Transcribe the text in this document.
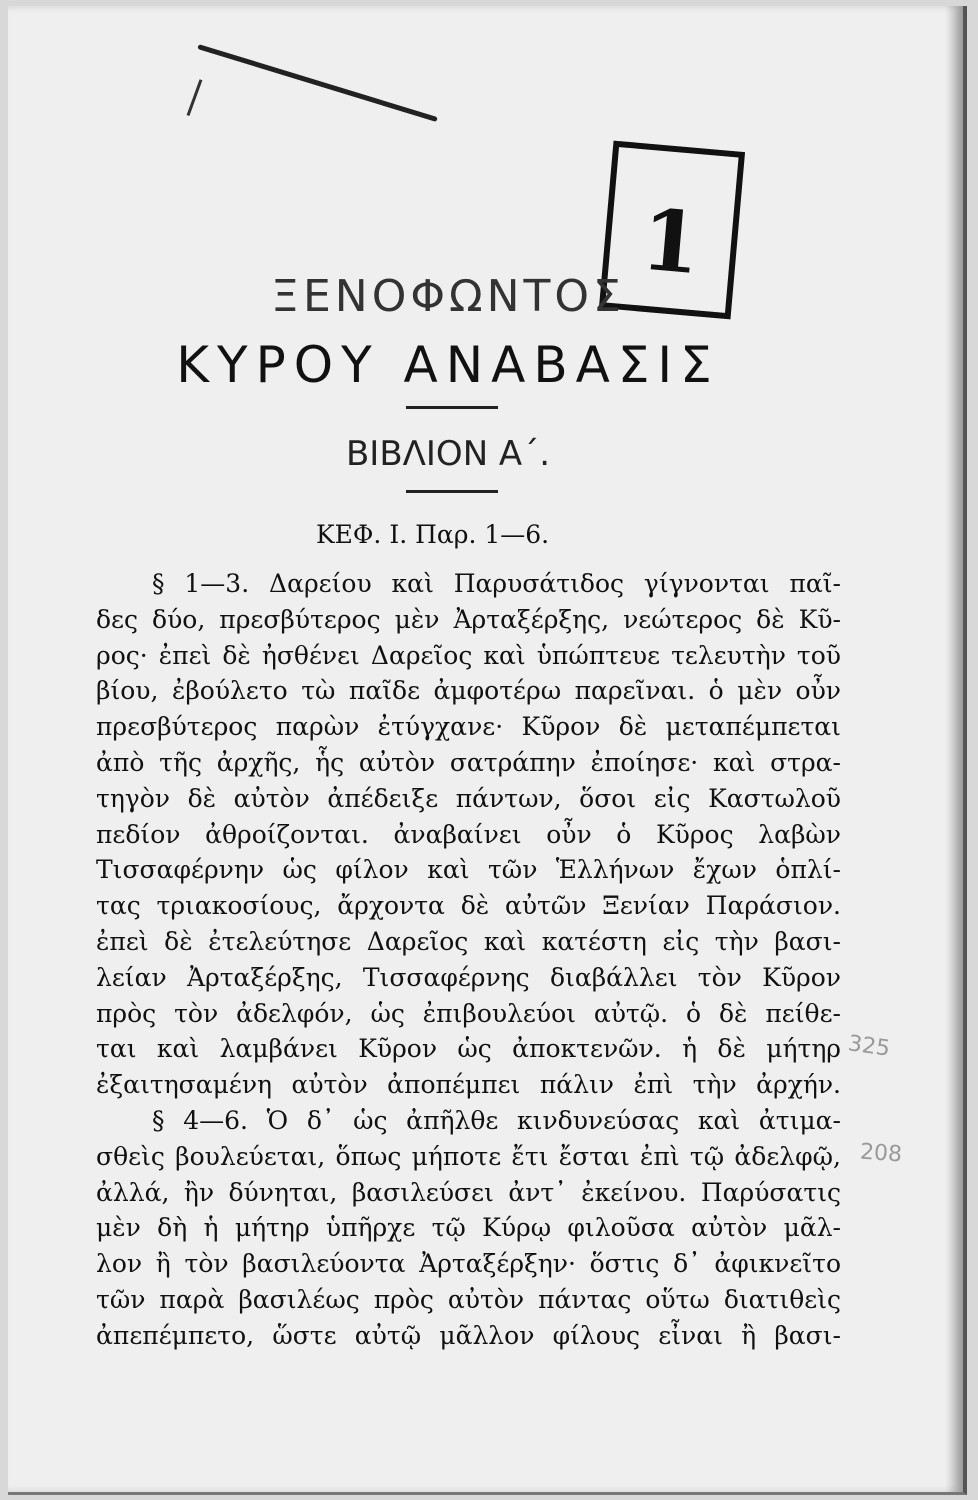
1
ΞΕΝΟΦΩΝΤΟΣ
ΚΥΡΟΥ ΑΝΑΒΑΣΙΣ
ΒΙΒΛΙΟΝ Α΄.
ΚΕΦ. Ι. Παρ. 1—6.
§ 1—3. Δαρείου καὶ Παρυσάτιδος γίγνονται παῖ-
δες δύο, πρεσβύτερος μὲν Ἀρταξέρξης, νεώτερος δὲ Κῦ-
ρος· ἐπεὶ δὲ ἠσθένει Δαρεῖος καὶ ὑπώπτευε τελευτὴν τοῦ
βίου, ἐβούλετο τὼ παῖδε ἀμφοτέρω παρεῖναι. ὁ μὲν οὖν
πρεσβύτερος παρὼν ἐτύγχανε· Κῦρον δὲ μεταπέμπεται
ἀπὸ τῆς ἀρχῆς, ἧς αὐτὸν σατράπην ἐποίησε· καὶ στρα-
τηγὸν δὲ αὐτὸν ἀπέδειξε πάντων, ὅσοι εἰς Καστωλοῦ
πεδίον ἀθροίζονται. ἀναβαίνει οὖν ὁ Κῦρος λαβὼν
Τισσαφέρνην ὡς φίλον καὶ τῶν Ἑλλήνων ἔχων ὁπλί-
τας τριακοσίους, ἄρχοντα δὲ αὐτῶν Ξενίαν Παράσιον.
ἐπεὶ δὲ ἐτελεύτησε Δαρεῖος καὶ κατέστη εἰς τὴν βασι-
λείαν Ἀρταξέρξης, Τισσαφέρνης διαβάλλει τὸν Κῦρον
πρὸς τὸν ἀδελφόν, ὡς ἐπιβουλεύοι αὐτῷ. ὁ δὲ πείθε-
ται καὶ λαμβάνει Κῦρον ὡς ἀποκτενῶν. ἡ δὲ μήτηρ
ἐξαιτησαμένη αὐτὸν ἀποπέμπει πάλιν ἐπὶ τὴν ἀρχήν.
§ 4—6. Ὁ δ᾽ ὡς ἀπῆλθε κινδυνεύσας καὶ ἀτιμα-
σθεὶς βουλεύεται, ὅπως μήποτε ἔτι ἔσται ἐπὶ τῷ ἀδελφῷ,
ἀλλά, ἢν δύνηται, βασιλεύσει ἀντ᾽ ἐκείνου. Παρύσατις
μὲν δὴ ἡ μήτηρ ὑπῆρχε τῷ Κύρῳ φιλοῦσα αὐτὸν μᾶλ-
λον ἢ τὸν βασιλεύοντα Ἀρταξέρξην· ὅστις δ᾽ ἀφικνεῖτο
τῶν παρὰ βασιλέως πρὸς αὐτὸν πάντας οὕτω διατιθεὶς
ἀπεπέμπετο, ὥστε αὐτῷ μᾶλλον φίλους εἶναι ἢ βασι-
325
208
